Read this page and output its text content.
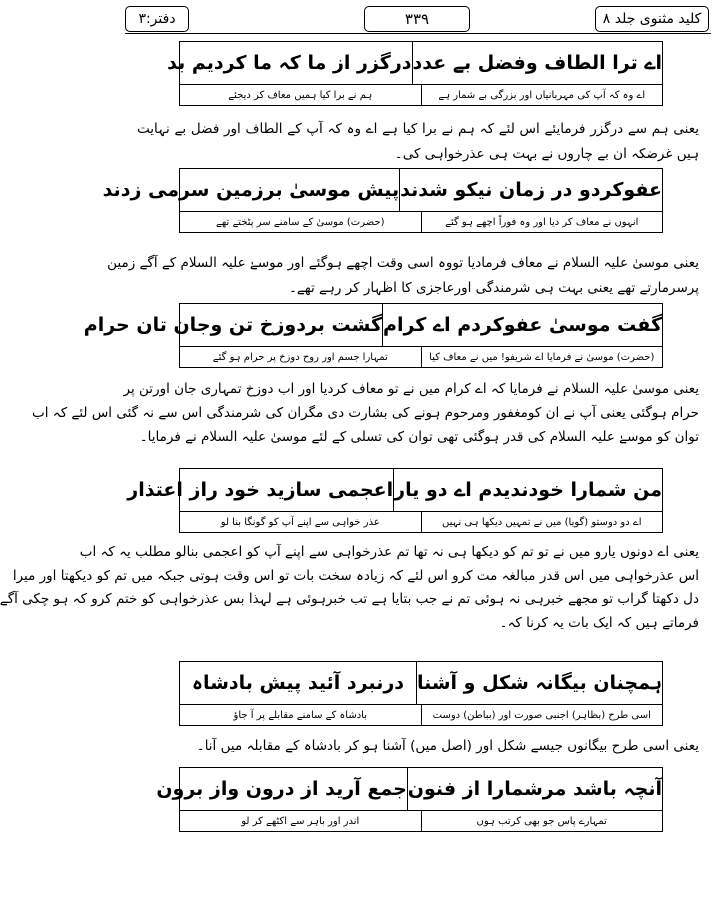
کلید مثنوی جلد ۸
۳۳۹
دفتر:۳
اے ترا الطاف وفضل بے عدد
درگزر از ما کہ ما کردیم بد
اے وہ کہ آپ کی مہربانیاں اور بزرگی بے شمار ہے
ہم نے برا کیا ہمیں معاف کر دیجئے
یعنی ہم سے درگزر فرمایئے اس لئے کہ ہم نے برا کیا ہے اے وہ کہ آپ کے الطاف اور فضل بے نہایت
ہیں غرضکہ ان بے چاروں نے بہت ہی عذرخواہی کی۔
عفوکردو در زمان نیکو شدند
پیش موسیٰ برزمین سرمی زدند
انہوں نے معاف کر دیا اور وہ فوراً اچھے ہو گئے
(حضرت) موسیٰ کے سامنے سر پٹختے تھے
یعنی موسیٰ علیہ السلام نے معاف فرمادیا تووہ اسی وقت اچھے ہوگئے اور موسےٰ علیہ السلام کے آگے زمین
پرسرمارتے تھے یعنی بہت ہی شرمندگی اورعاجزی کا اظہار کر رہے تھے۔
گفت موسیٰ عفوکردم اے کرام
گشت بردوزخ تن وجان تان حرام
(حضرت) موسیٰ نے فرمایا اے شریفو! میں نے معاف کیا
تمہارا جسم اور روح دوزخ پر حرام ہو گئے
یعنی موسیٰ علیہ السلام نے فرمایا کہ اے کرام میں نے تو معاف کردیا اور اب دوزخ تمہاری جان اورتن پر
حرام ہوگئی یعنی آپ نے ان کومغفور ومرحوم ہونے کی بشارت دی مگران کی شرمندگی اس سے نہ گئی اس لئے کہ اب
توان کو موسےٰ علیہ السلام کی قدر ہوگئی تھی توان کی تسلی کے لئے موسیٰ علیہ السلام نے فرمایا۔
من شمارا خودندیدم اے دو یار
اعجمی سازید خود راز اعتذار
اے دو دوستو (گویا) میں نے تمہیں دیکھا ہی نہیں
عذر خواہی سے اپنے آپ کو گونگا بنا لو
یعنی اے دونوں یارو میں نے تو تم کو دیکھا ہی نہ تھا تم عذرخواہی سے اپنے آپ کو اعجمی بنالو مطلب یہ کہ اب
اس عذرخواہی میں اس قدر مبالغہ مت کرو اس لئے کہ زیادہ سخت بات تو اس وقت ہوتی جبکہ میں تم کو دیکھتا اور میرا
دل دکھتا گراب تو مجھے خبرہی نہ ہوئی تم نے جب بتایا ہے تب خبرہوئی ہے لہذا بس عذرخواہی کو ختم کرو کہ ہو چکی آگے
فرماتے ہیں کہ ایک بات یہ کرنا کہ۔
ہمچنان بیگانہ شکل و آشنا
درنبرد آئید پیش بادشاہ
اسی طرح (بظاہر) اجنبی صورت اور (بباطن) دوست
بادشاہ کے سامنے مقابلے پر آ جاؤ
یعنی اسی طرح بیگانوں جیسے شکل اور (اصل میں) آشنا ہو کر بادشاہ کے مقابلہ میں آنا۔
آنچہ باشد مرشمارا از فنون
جمع آرید از درون واز برون
تمہارے پاس جو بھی کرتب ہوں
اندر اور باہر سے اکٹھے کر لو
